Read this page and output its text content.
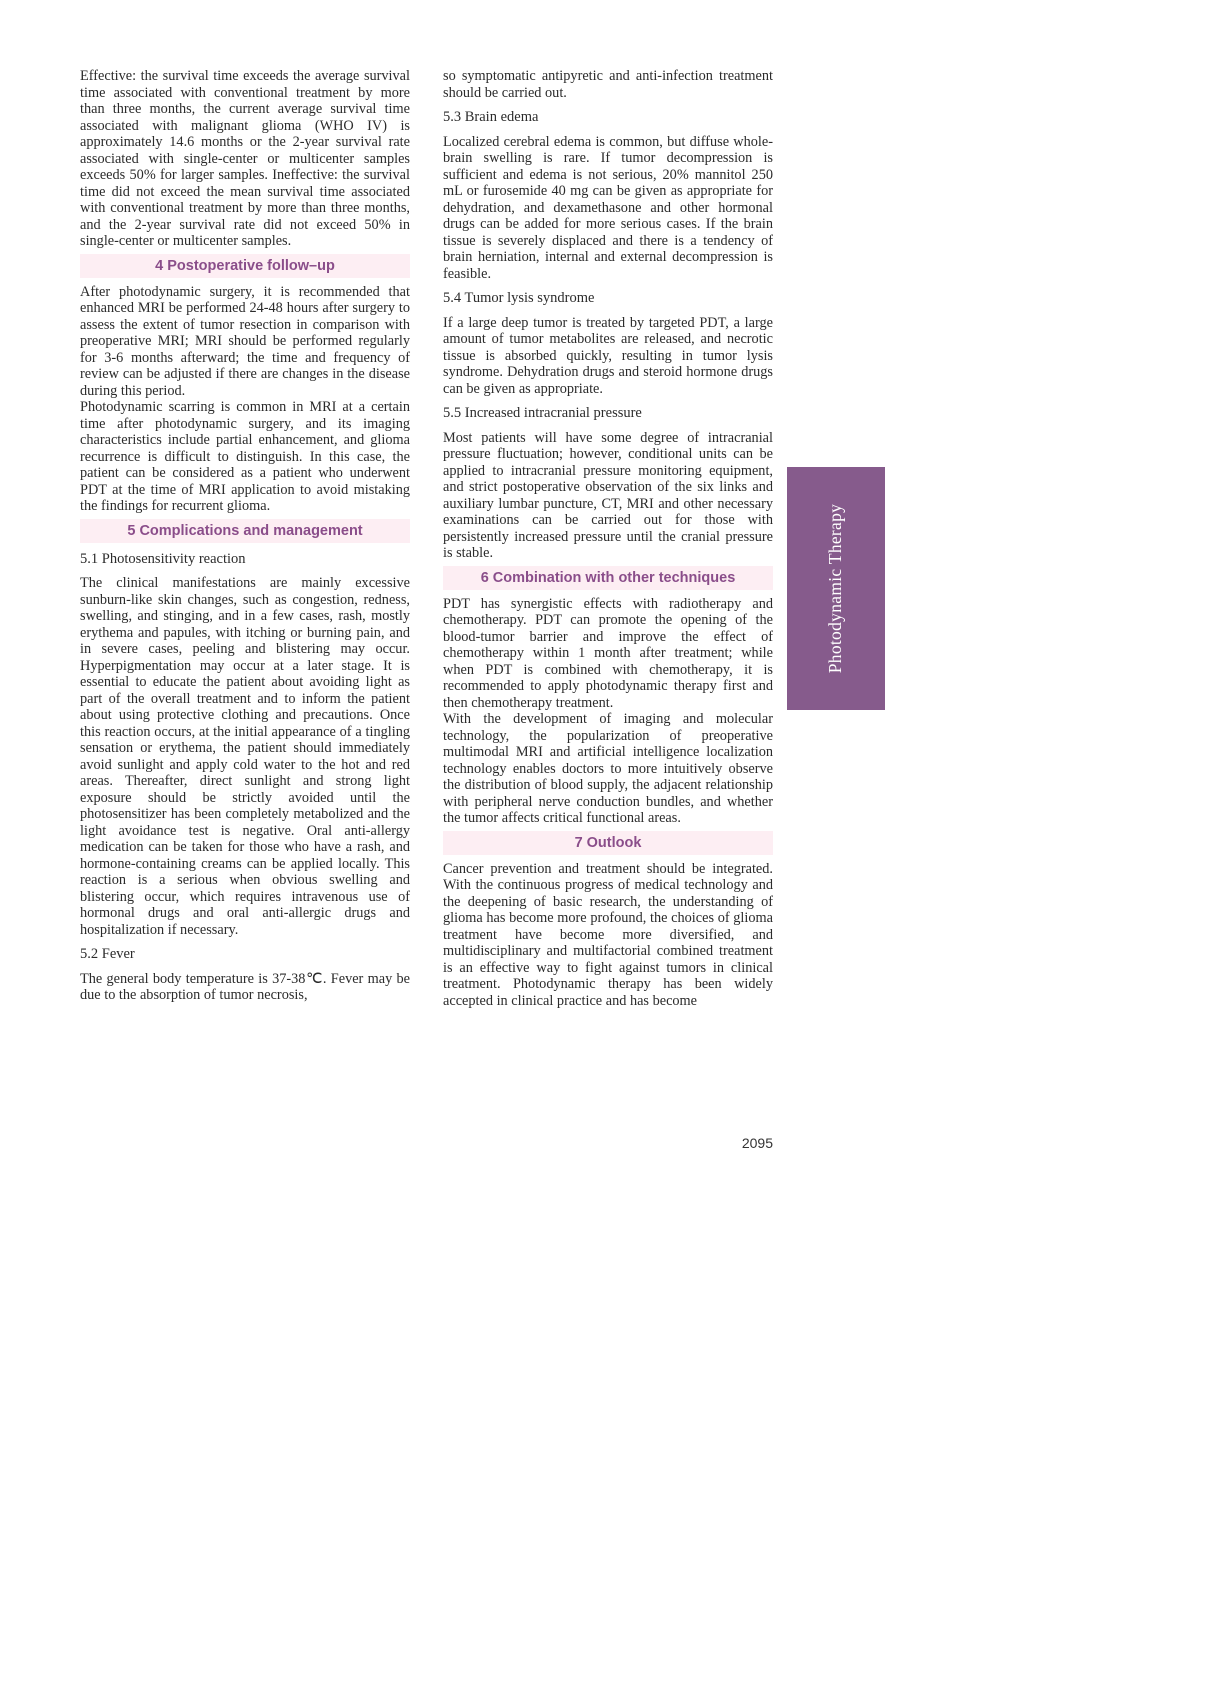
Effective: the survival time exceeds the average survival time associated with conventional treatment by more than three months, the current average survival time associated with malignant glioma (WHO IV) is approximately 14.6 months or the 2-year survival rate associated with single-center or multicenter samples exceeds 50% for larger samples. Ineffective: the survival time did not exceed the mean survival time associated with conventional treatment by more than three months, and the 2-year survival rate did not exceed 50% in single-center or multicenter samples.

4 Postoperative follow–up

After photodynamic surgery, it is recommended that enhanced MRI be performed 24-48 hours after surgery to assess the extent of tumor resection in comparison with preoperative MRI; MRI should be performed regularly for 3-6 months afterward; the time and frequency of review can be adjusted if there are changes in the disease during this period.

Photodynamic scarring is common in MRI at a certain time after photodynamic surgery, and its imaging characteristics include partial enhancement, and glioma recurrence is difficult to distinguish. In this case, the patient can be considered as a patient who underwent PDT at the time of MRI application to avoid mistaking the findings for recurrent glioma.

5 Complications and management
5.1 Photosensitivity reaction

The clinical manifestations are mainly excessive sunburn-like skin changes, such as congestion, redness, swelling, and stinging, and in a few cases, rash, mostly erythema and papules, with itching or burning pain, and in severe cases, peeling and blistering may occur. Hyperpigmentation may occur at a later stage. It is essential to educate the patient about avoiding light as part of the overall treatment and to inform the patient about using protective clothing and precautions. Once this reaction occurs, at the initial appearance of a tingling sensation or erythema, the patient should immediately avoid sunlight and apply cold water to the hot and red areas. Thereafter, direct sunlight and strong light exposure should be strictly avoided until the photosensitizer has been completely metabolized and the light avoidance test is negative. Oral anti-allergy medication can be taken for those who have a rash, and hormone-containing creams can be applied locally. This reaction is a serious when obvious swelling and blistering occur, which requires intravenous use of hormonal drugs and oral anti-allergic drugs and hospitalization if necessary.

5.2 Fever

The general body temperature is 37-38℃. Fever may be due to the absorption of tumor necrosis,

so symptomatic antipyretic and anti-infection treatment should be carried out.

5.3 Brain edema

Localized cerebral edema is common, but diffuse whole-brain swelling is rare. If tumor decompression is sufficient and edema is not serious, 20% mannitol 250 mL or furosemide 40 mg can be given as appropriate for dehydration, and dexamethasone and other hormonal drugs can be added for more serious cases. If the brain tissue is severely displaced and there is a tendency of brain herniation, internal and external decompression is feasible.

5.4 Tumor lysis syndrome

If a large deep tumor is treated by targeted PDT, a large amount of tumor metabolites are released, and necrotic tissue is absorbed quickly, resulting in tumor lysis syndrome. Dehydration drugs and steroid hormone drugs can be given as appropriate.

5.5 Increased intracranial pressure

Most patients will have some degree of intracranial pressure fluctuation; however, conditional units can be applied to intracranial pressure monitoring equipment, and strict postoperative observation of the six links and auxiliary lumbar puncture, CT, MRI and other necessary examinations can be carried out for those with persistently increased pressure until the cranial pressure is stable.

6 Combination with other techniques

PDT has synergistic effects with radiotherapy and chemotherapy. PDT can promote the opening of the blood-tumor barrier and improve the effect of chemotherapy within 1 month after treatment; while when PDT is combined with chemotherapy, it is recommended to apply photodynamic therapy first and then chemotherapy treatment.

With the development of imaging and molecular technology, the popularization of preoperative multimodal MRI and artificial intelligence localization technology enables doctors to more intuitively observe the distribution of blood supply, the adjacent relationship with peripheral nerve conduction bundles, and whether the tumor affects critical functional areas.

7 Outlook

Cancer prevention and treatment should be integrated. With the continuous progress of medical technology and the deepening of basic research, the understanding of glioma has become more profound, the choices of glioma treatment have become more diversified, and multidisciplinary and multifactorial combined treatment is an effective way to fight against tumors in clinical treatment. Photodynamic therapy has been widely accepted in clinical practice and has become

Photodynamic Therapy
2095
